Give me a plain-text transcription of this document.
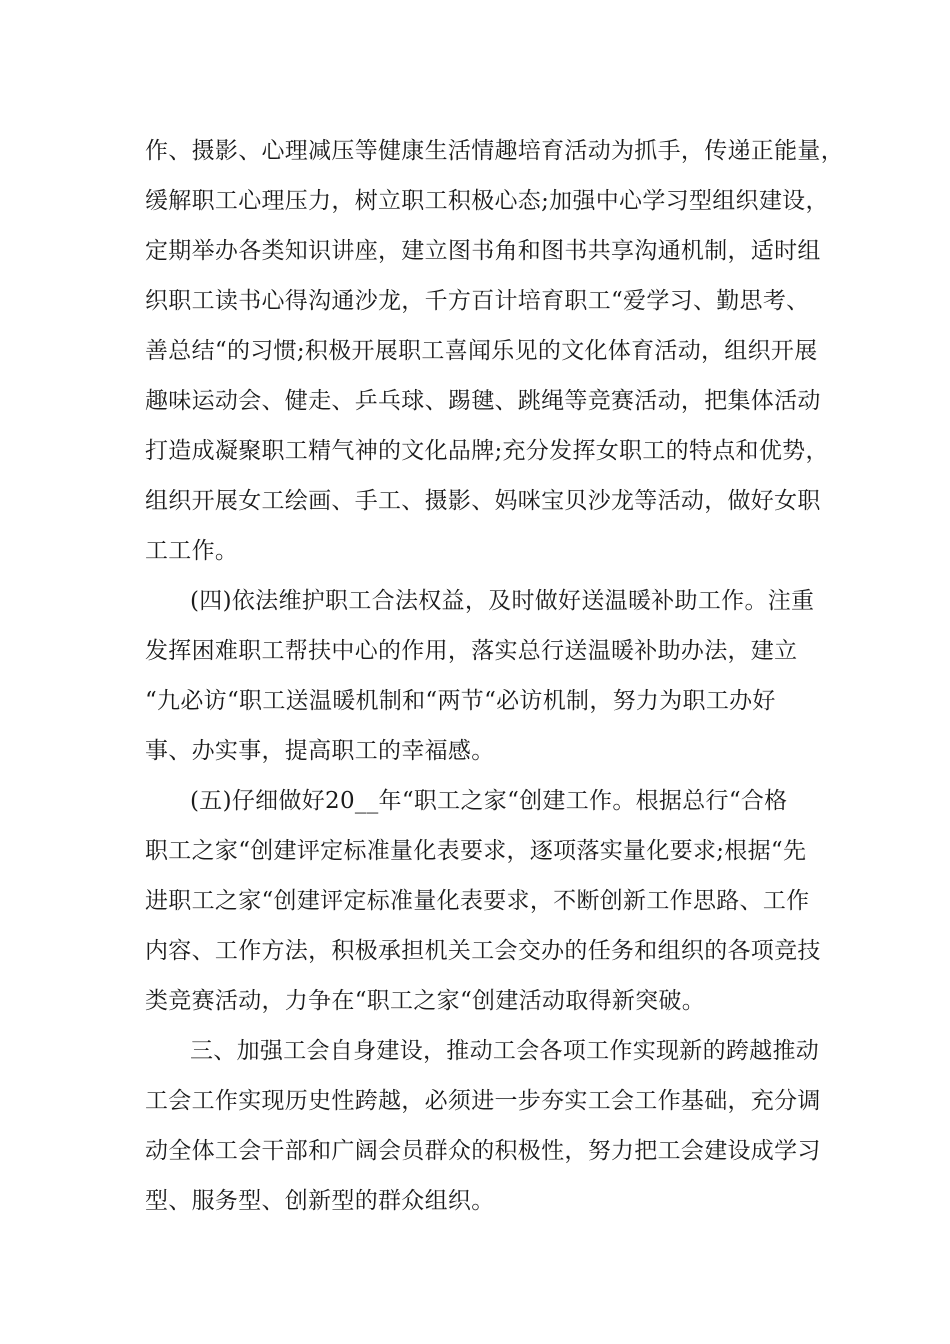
作、摄影、心理减压等健康生活情趣培育活动为抓手，传递正能量，
缓解职工心理压力，树立职工积极心态;加强中心学习型组织建设，
定期举办各类知识讲座，建立图书角和图书共享沟通机制，适时组
织职工读书心得沟通沙龙，千方百计培育职工“爱学习、勤思考、
善总结“的习惯;积极开展职工喜闻乐见的文化体育活动，组织开展
趣味运动会、健走、乒乓球、踢毽、跳绳等竞赛活动，把集体活动
打造成凝聚职工精气神的文化品牌;充分发挥女职工的特点和优势，
组织开展女工绘画、手工、摄影、妈咪宝贝沙龙等活动，做好女职
工工作。
(四)依法维护职工合法权益，及时做好送温暖补助工作。注重
发挥困难职工帮扶中心的作用，落实总行送温暖补助办法，建立
“九必访“职工送温暖机制和“两节“必访机制，努力为职工办好
事、办实事，提高职工的幸福感。
(五)仔细做好20__年“职工之家“创建工作。根据总行“合格
职工之家“创建评定标准量化表要求，逐项落实量化要求;根据“先
进职工之家“创建评定标准量化表要求，不断创新工作思路、工作
内容、工作方法，积极承担机关工会交办的任务和组织的各项竞技
类竞赛活动，力争在“职工之家“创建活动取得新突破。
三、加强工会自身建设，推动工会各项工作实现新的跨越推动
工会工作实现历史性跨越，必须进一步夯实工会工作基础，充分调
动全体工会干部和广阔会员群众的积极性，努力把工会建设成学习
型、服务型、创新型的群众组织。
